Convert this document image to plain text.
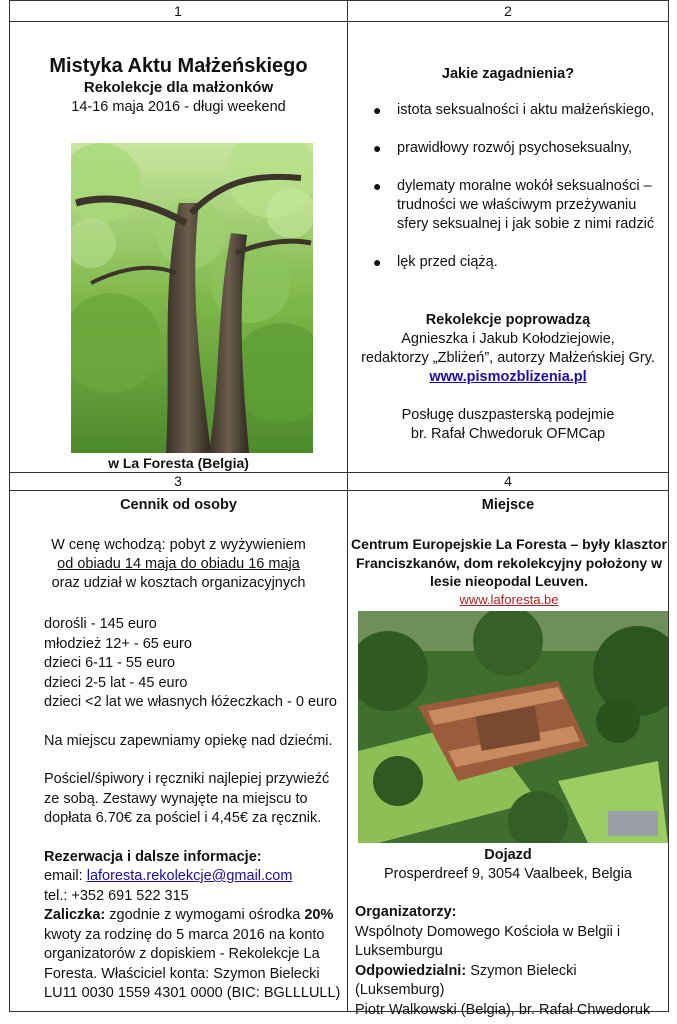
1	2
3	4
Mistyka Aktu Małżeńskiego
Rekolekcje dla małżonków
14-16 maja 2016 - długi weekend
w La Foresta (Belgia)
Jakie zagadnienia?
● istota seksualności i aktu małżeńskiego,
● prawidłowy rozwój psychoseksualny,
● dylematy moralne wokół seksualności – trudności we właściwym przeżywaniu sfery seksualnej i jak sobie z nimi radzić
● lęk przed ciążą.
Rekolekcje poprowadzą
Agnieszka i Jakub Kołodziejowie,
redaktorzy „Zbliżeń”, autorzy Małżeńskiej Gry.
www.pismozblizenia.pl
Posługę duszpasterską podejmie
br. Rafał Chwedoruk OFMCap
Cennik od osoby
W cenę wchodzą: pobyt z wyżywieniem
od obiadu 14 maja do obiadu 16 maja
oraz udział w kosztach organizacyjnych
dorośli - 145 euro
młodzież 12+ - 65 euro
dzieci 6-11 - 55 euro
dzieci 2-5 lat - 45 euro
dzieci <2 lat we własnych łóżeczkach - 0 euro
Na miejscu zapewniamy opiekę nad dziećmi.
Pościel/śpiwory i ręczniki najlepiej przywieźć ze sobą. Zestawy wynajęte na miejscu to dopłata 6.70€ za pościel i 4,45€ za ręcznik.
Rezerwacja i dalsze informacje:
email: laforesta.rekolekcje@gmail.com
tel.: +352 691 522 315
Zaliczka: zgodnie z wymogami ośrodka 20% kwoty za rodzinę do 5 marca 2016 na konto organizatorów z dopiskiem - Rekolekcje La Foresta. Właściciel konta: Szymon Bielecki LU11 0030 1559 4301 0000 (BIC: BGLLLULL)
Miejsce
Centrum Europejskie La Foresta – były klasztor Franciszkanów, dom rekolekcyjny położony w lesie nieopodal Leuven.
www.laforesta.be
Dojazd
Prosperdreef 9, 3054 Vaalbeek, Belgia
Organizatorzy:
Wspólnoty Domowego Kościoła w Belgii i Luksemburgu
Odpowiedzialni: Szymon Bielecki (Luksemburg)
Piotr Walkowski (Belgia), br. Rafał Chwedoruk
